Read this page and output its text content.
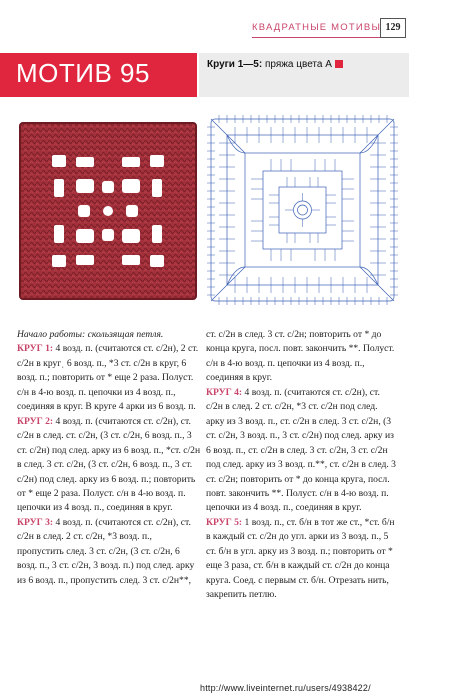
КВАДРАТНЫЕ МОТИВЫ 129
МОТИВ 95	Круги 1—5: пряжа цвета А

Начало работы: скользящая петля.

КРУГ 1: 4 возд. п. (считаются ст. с/2н), 2 ст. с/2н в кругˌ 6 возд. п., *3 ст. с/2н в круг, 6 возд. п.; повторить от * еще 2 раза. Полуст. с/н в 4-ю возд. п. цепочки из 4 возд. п., соединяя в круг. В круге 4 арки из 6 возд. п.

КРУГ 2: 4 возд. п. (считаются ст. с/2н), ст. с/2н в след. ст. с/2н, (3 ст. с/2н, 6 возд. п., 3 ст. с/2н) под след. арку из 6 возд. п., *ст. с/2н в след. 3 ст. с/2н, (3 ст. с/2н, 6 возд. п., 3 ст. с/2н) под след. арку из 6 возд. п.; повторить от * еще 2 раза. Полуст. с/н в 4-ю возд. п. цепочки из 4 возд. п., соединяя в круг.

КРУГ 3: 4 возд. п. (считаются ст. с/2н), ст. с/2н в след. 2 ст. с/2н, *3 возд. п., пропустить след. 3 ст. с/2н, (3 ст. с/2н, 6 возд. п., 3 ст. с/2н, 3 возд. п.) под след. арку из 6 возд. п., пропустить след. 3 ст. с/2н**,

ст. с/2н в след. 3 ст. с/2н; повторить от * до конца круга, посл. повт. закончить **. Полуст. с/н в 4-ю возд. п. цепочки из 4 возд. п., соединяя в круг.

КРУГ 4: 4 возд. п. (считаются ст. с/2н), ст. с/2н в след. 2 ст. с/2н, *3 ст. с/2н под след. арку из 3 возд. п., ст. с/2н в след. 3 ст. с/2н, (3 ст. с/2н, 3 возд. п., 3 ст. с/2н) под след. арку из 6 возд. п., ст. с/2н в след. 3 ст. с/2н, 3 ст. с/2н под след. арку из 3 возд. п.**, ст. с/2н в след. 3 ст. с/2н; повторить от * до конца круга, посл. повт. закончить **. Полуст. с/н в 4-ю возд. п. цепочки из 4 возд. п., соединяя в круг.

КРУГ 5: 1 возд. п., ст. б/н в тот же ст., *ст. б/н в каждый ст. с/2н до угл. арки из 3 возд. п., 5 ст. б/н в угл. арку из 3 возд. п.; повторить от * еще 3 раза, ст. б/н в каждый ст. с/2н до конца круга. Соед. с первым ст. б/н. Отрезать нить, закрепить петлю.

http://www.liveinternet.ru/users/4938422/
